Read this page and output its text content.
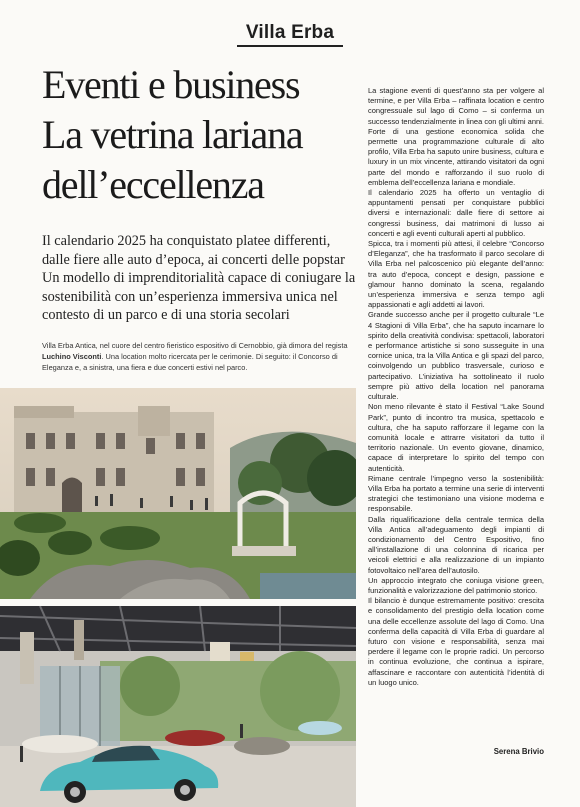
Villa Erba
Eventi e business
La vetrina lariana
dell’eccellenza

Il calendario 2025 ha conquistato platee differenti, dalle fiere alle auto d’epoca, ai concerti delle popstar Un modello di imprenditorialità capace di coniugare la sostenibilità con un’esperienza immersiva unica nel contesto di un parco e di una storia secolari

Villa Erba Antica, nel cuore del centro fieristico espositivo di Cernobbio, già dimora del regista Luchino Visconti. Una location molto ricercata per le cerimonie. Di seguito: il Concorso di Eleganza e, a sinistra, una fiera e due concerti estivi nel parco.

La stagione eventi di quest’anno sta per volgere al termine, e per Villa Erba – raffinata location e centro congressuale sul lago di Como – si conferma un successo tendenzialmente in linea con gli ultimi anni.

Forte di una gestione economica solida che permette una programmazione culturale di alto profilo, Villa Erba ha saputo unire business, cultura e luxury in un mix vincente, attirando visitatori da ogni parte del mondo e rafforzando il suo ruolo di emblema dell’eccellenza lariana e mondiale.

Il calendario 2025 ha offerto un ventaglio di appuntamenti pensati per conquistare pubblici diversi e internazionali: dalle fiere di settore ai congressi business, dai matrimoni di lusso ai concerti e agli eventi culturali aperti al pubblico.

Spicca, tra i momenti più attesi, il celebre “Concorso d’Eleganza”, che ha trasformato il parco secolare di Villa Erba nel palcoscenico più elegante dell’anno: tra auto d’epoca, concept e design, passione e glamour hanno dominato la scena, regalando un’esperienza immersiva e senza tempo agli appassionati e agli addetti ai lavori.

Grande successo anche per il progetto culturale “Le 4 Stagioni di Villa Erba”, che ha saputo incarnare lo spirito della creatività condivisa: spettacoli, laboratori e performance artistiche si sono susseguite in una cornice unica, tra la Villa Antica e gli spazi del parco, coinvolgendo un pubblico trasversale, curioso e partecipativo. L’iniziativa ha sottolineato il ruolo sempre più attivo della location nel panorama culturale.

Non meno rilevante è stato il Festival “Lake Sound Park”, punto di incontro tra musica, spettacolo e cultura, che ha saputo rafforzare il legame con la comunità locale e attrarre visitatori da tutto il territorio nazionale. Un evento giovane, dinamico, capace di interpretare lo spirito del tempo con autenticità.

Rimane centrale l’impegno verso la sostenibilità: Villa Erba ha portato a termine una serie di interventi strategici che testimoniano una visione moderna e responsabile.

Dalla riqualificazione della centrale termica della Villa Antica all’adeguamento degli impianti di condizionamento del Centro Espositivo, fino all’installazione di una colonnina di ricarica per veicoli elettrici e alla realizzazione di un impianto fotovoltaico nell’area dell’autosilo.

Un approccio integrato che coniuga visione green, funzionalità e valorizzazione del patrimonio storico.

Il bilancio è dunque estremamente positivo: crescita e consolidamento del prestigio della location come una delle eccellenze assolute del lago di Como. Una conferma della capacità di Villa Erba di guardare al futuro con visione e responsabilità, senza mai perdere il legame con le proprie radici. Un percorso in continua evoluzione, che continua a ispirare, affascinare e raccontare con autenticità l’identità di un luogo unico.

Serena Brivio
